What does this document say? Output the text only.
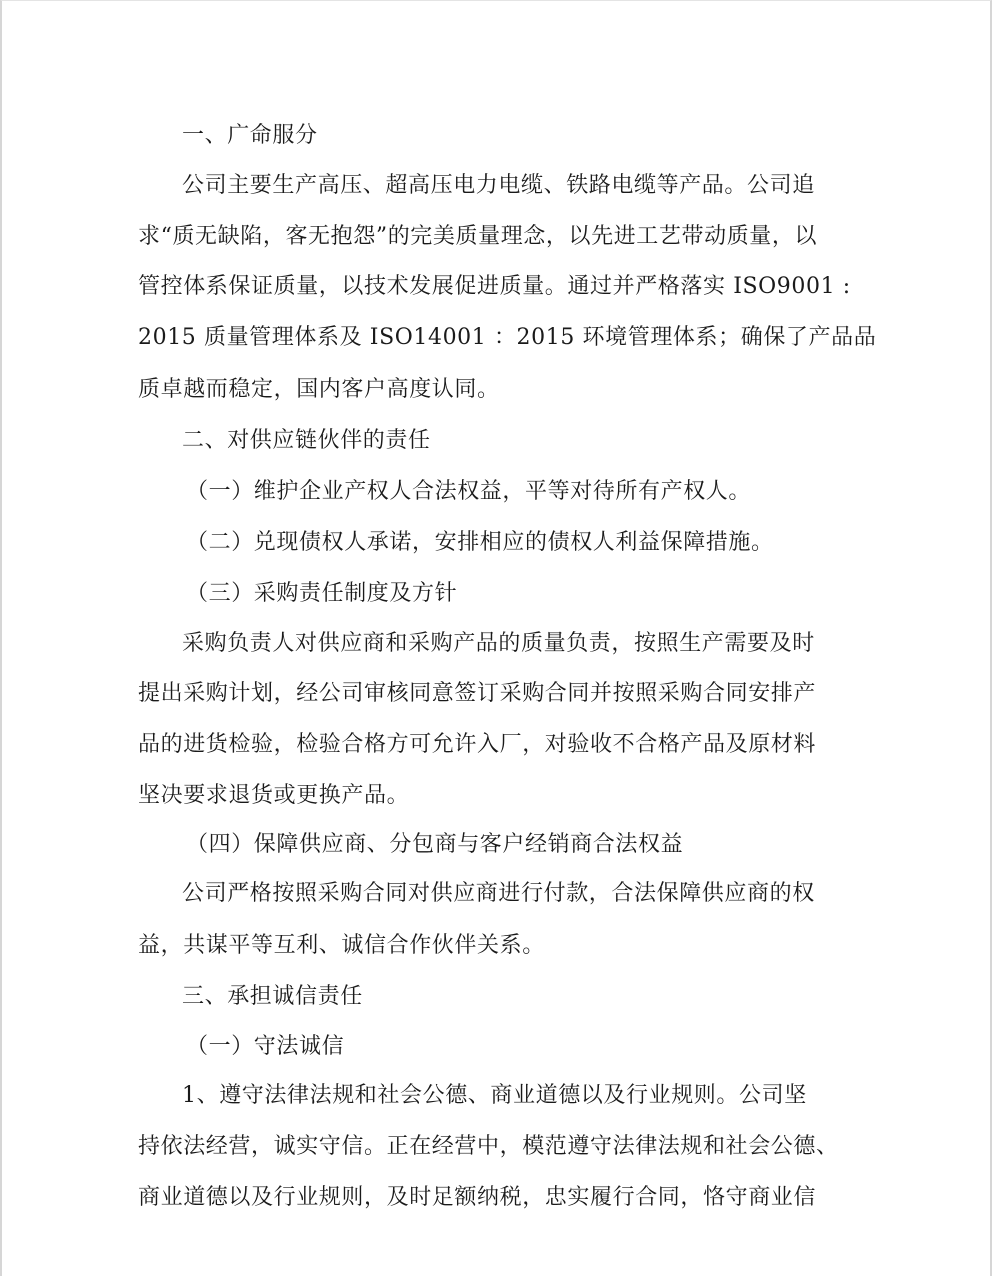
一、广命服分
公司主要生产高压、超高压电力电缆、铁路电缆等产品。公司追
求“质无缺陷，客无抱怨”的完美质量理念，以先进工艺带动质量，以
管控体系保证质量，以技术发展促进质量。通过并严格落实 ISO9001 :
2015 质量管理体系及 ISO14001 ：2015 环境管理体系；确保了产品品
质卓越而稳定，国内客户高度认同。
二、对供应链伙伴的责任
（一）维护企业产权人合法权益，平等对待所有产权人。
（二）兑现债权人承诺，安排相应的债权人利益保障措施。
（三）采购责任制度及方针
采购负责人对供应商和采购产品的质量负责，按照生产需要及时
提出采购计划，经公司审核同意签订采购合同并按照采购合同安排产
品的进货检验，检验合格方可允许入厂，对验收不合格产品及原材料
坚决要求退货或更换产品。
（四）保障供应商、分包商与客户经销商合法权益
公司严格按照采购合同对供应商进行付款，合法保障供应商的权
益，共谋平等互利、诚信合作伙伴关系。
三、承担诚信责任
（一）守法诚信
1、遵守法律法规和社会公德、商业道德以及行业规则。公司坚
持依法经营，诚实守信。正在经营中，模范遵守法律法规和社会公德、
商业道德以及行业规则，及时足额纳税，忠实履行合同，恪守商业信
